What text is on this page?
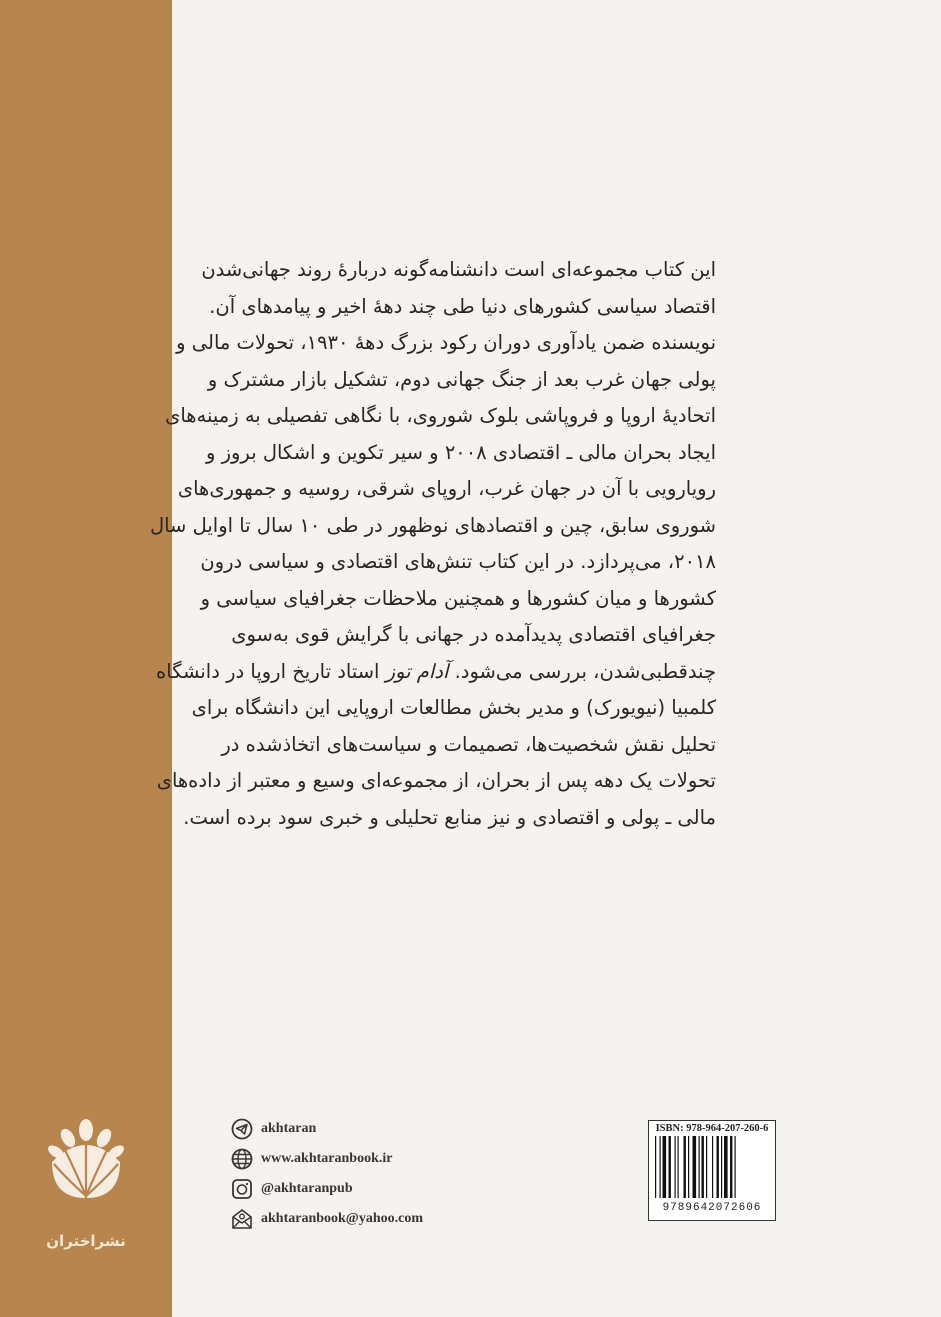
نشراختران
این کتاب مجموعه‌ای است دانشنامه‌گونه دربارهٔ روند جهانی‌شدن
اقتصاد سیاسی کشورهای دنیا طی چند دههٔ اخیر و پیامدهای آن.
نویسنده ضمن یادآوری دوران رکود بزرگ دههٔ ۱۹۳۰، تحولات مالی و
پولی جهان غرب بعد از جنگ جهانی دوم، تشکیل بازار مشترک و
اتحادیهٔ اروپا و فروپاشی بلوک شوروی، با نگاهی تفصیلی به زمینه‌های
ایجاد بحران مالی ـ اقتصادی ۲۰۰۸ و سیر تکوین و اشکال بروز و
رویارویی با آن در جهان غرب، اروپای شرقی، روسیه و جمهوری‌های
شوروی سابق، چین و اقتصادهای نوظهور در طی ۱۰ سال تا اوایل سال
۲۰۱۸، می‌پردازد. در این کتاب تنش‌های اقتصادی و سیاسی درون
کشورها و میان کشورها و همچنین ملاحظات جغرافیای سیاسی و
جغرافیای اقتصادی پدیدآمده در جهانی با گرایش قوی به‌سوی
چندقطبی‌شدن، بررسی می‌شود. آدام توز استاد تاریخ اروپا در دانشگاه
کلمبیا (نیویورک) و مدیر بخش مطالعات اروپایی این دانشگاه برای
تحلیل نقش شخصیت‌ها، تصمیمات و سیاست‌های اتخاذشده در
تحولات یک دهه پس از بحران، از مجموعه‌ای وسیع و معتبر از داده‌های
مالی ـ پولی و اقتصادی و نیز منابع تحلیلی و خبری سود برده است.
akhtaran
www.akhtaranbook.ir
@akhtaranpub
akhtaranbook@yahoo.com
ISBN: 978-964-207-260-6
9789642072606
